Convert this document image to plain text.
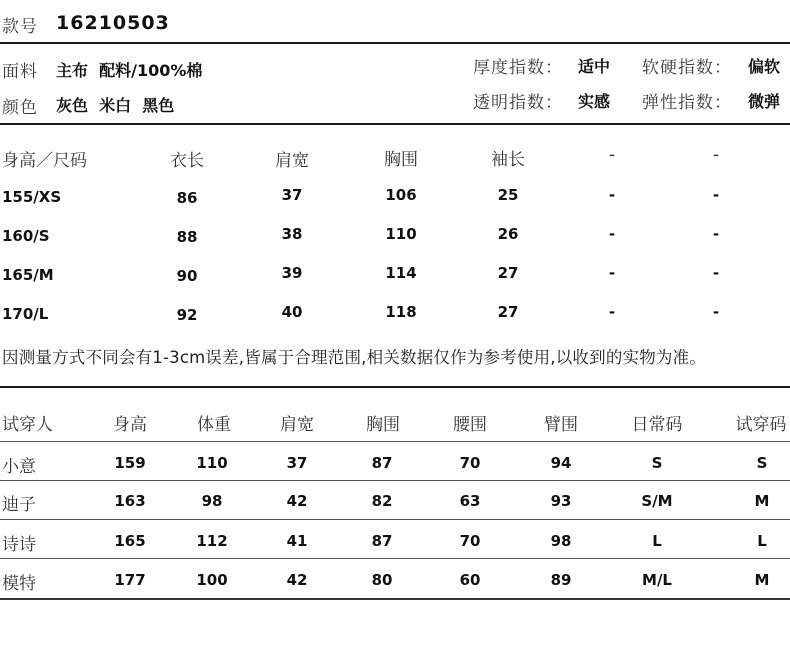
款号 16210503
面料 主布  配料/100%棉
颜色 灰色  米白  黑色
厚度指数： 适中 软硬指数： 偏软
透明指数： 实感 弹性指数： 微弹
身高／尺码	衣长	肩宽	胸围	袖长	-	-
155/XS	86	37	106	25	-	-
160/S	88	38	110	26	-	-
165/M	90	39	114	27	-	-
170/L	92	40	118	27	-	-
因测量方式不同会有1-3cm误差,皆属于合理范围,相关数据仅作为参考使用,以收到的实物为准。
试穿人	身高	体重	肩宽	胸围	腰围	臂围	日常码	试穿码
小意	159	110	37	87	70	94	S	S
迪子	163	98	42	82	63	93	S/M	M
诗诗	165	112	41	87	70	98	L	L
模特	177	100	42	80	60	89	M/L	M
